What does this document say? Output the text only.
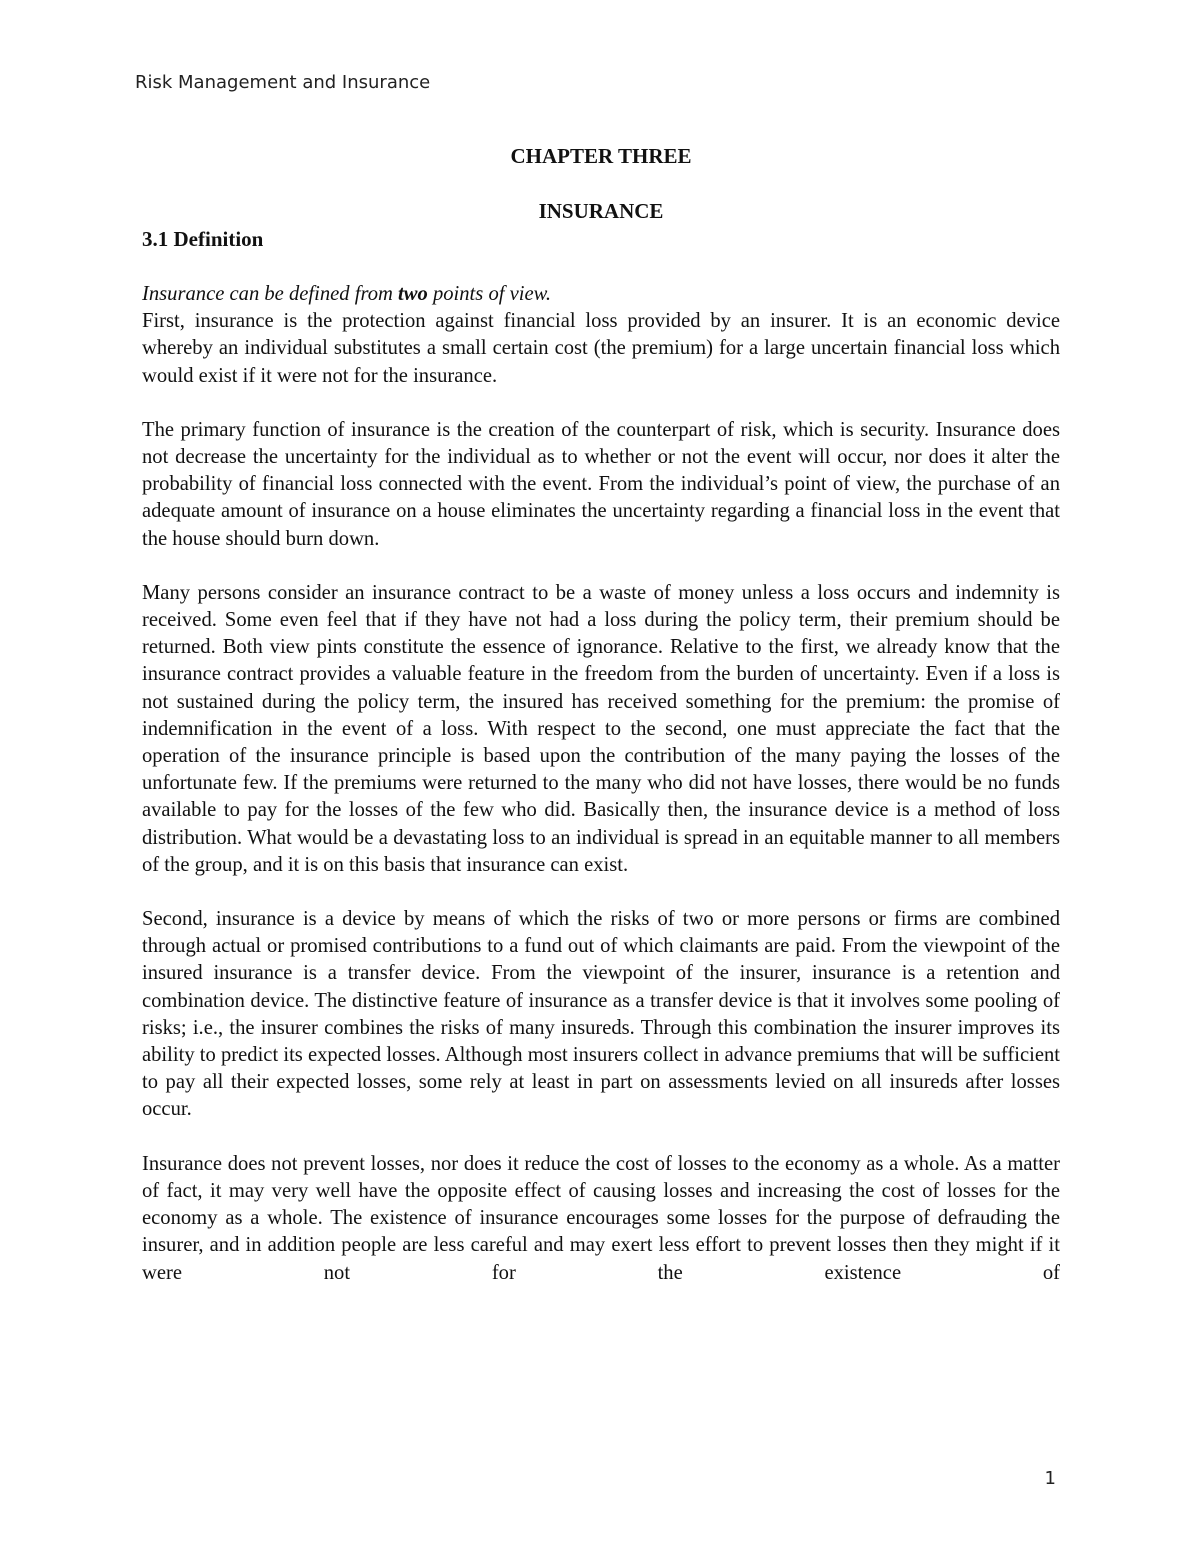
Risk Management and Insurance
CHAPTER THREE
INSURANCE
3.1 Definition
Insurance can be defined from two points of view.

First, insurance is the protection against financial loss provided by an insurer. It is an economic device whereby an individual substitutes a small certain cost (the premium) for a large uncertain financial loss which would exist if it were not for the insurance.

The primary function of insurance is the creation of the counterpart of risk, which is security. Insurance does not decrease the uncertainty for the individual as to whether or not the event will occur, nor does it alter the probability of financial loss connected with the event. From the individual’s point of view, the purchase of an adequate amount of insurance on a house eliminates the uncertainty regarding a financial loss in the event that the house should burn down.

Many persons consider an insurance contract to be a waste of money unless a loss occurs and indemnity is received. Some even feel that if they have not had a loss during the policy term, their premium should be returned. Both view pints constitute the essence of ignorance. Relative to the first, we already know that the insurance contract provides a valuable feature in the freedom from the burden of uncertainty. Even if a loss is not sustained during the policy term, the insured has received something for the premium: the promise of indemnification in the event of a loss. With respect to the second, one must appreciate the fact that the operation of the insurance principle is based upon the contribution of the many paying the losses of the unfortunate few. If the premiums were returned to the many who did not have losses, there would be no funds available to pay for the losses of the few who did. Basically then, the insurance device is a method of loss distribution. What would be a devastating loss to an individual is spread in an equitable manner to all members of the group, and it is on this basis that insurance can exist.

Second, insurance is a device by means of which the risks of two or more persons or firms are combined through actual or promised contributions to a fund out of which claimants are paid. From the viewpoint of the insured insurance is a transfer device. From the viewpoint of the insurer, insurance is a retention and combination device. The distinctive feature of insurance as a transfer device is that it involves some pooling of risks; i.e., the insurer combines the risks of many insureds. Through this combination the insurer improves its ability to predict its expected losses. Although most insurers collect in advance premiums that will be sufficient to pay all their expected losses, some rely at least in part on assessments levied on all insureds after losses occur.

Insurance does not prevent losses, nor does it reduce the cost of losses to the economy as a whole. As a matter of fact, it may very well have the opposite effect of causing losses and increasing the cost of losses for the economy as a whole. The existence of insurance encourages some losses for the purpose of defrauding the insurer, and in addition people are less careful and may exert less effort to prevent losses then they might if it were not for the existence of

1
